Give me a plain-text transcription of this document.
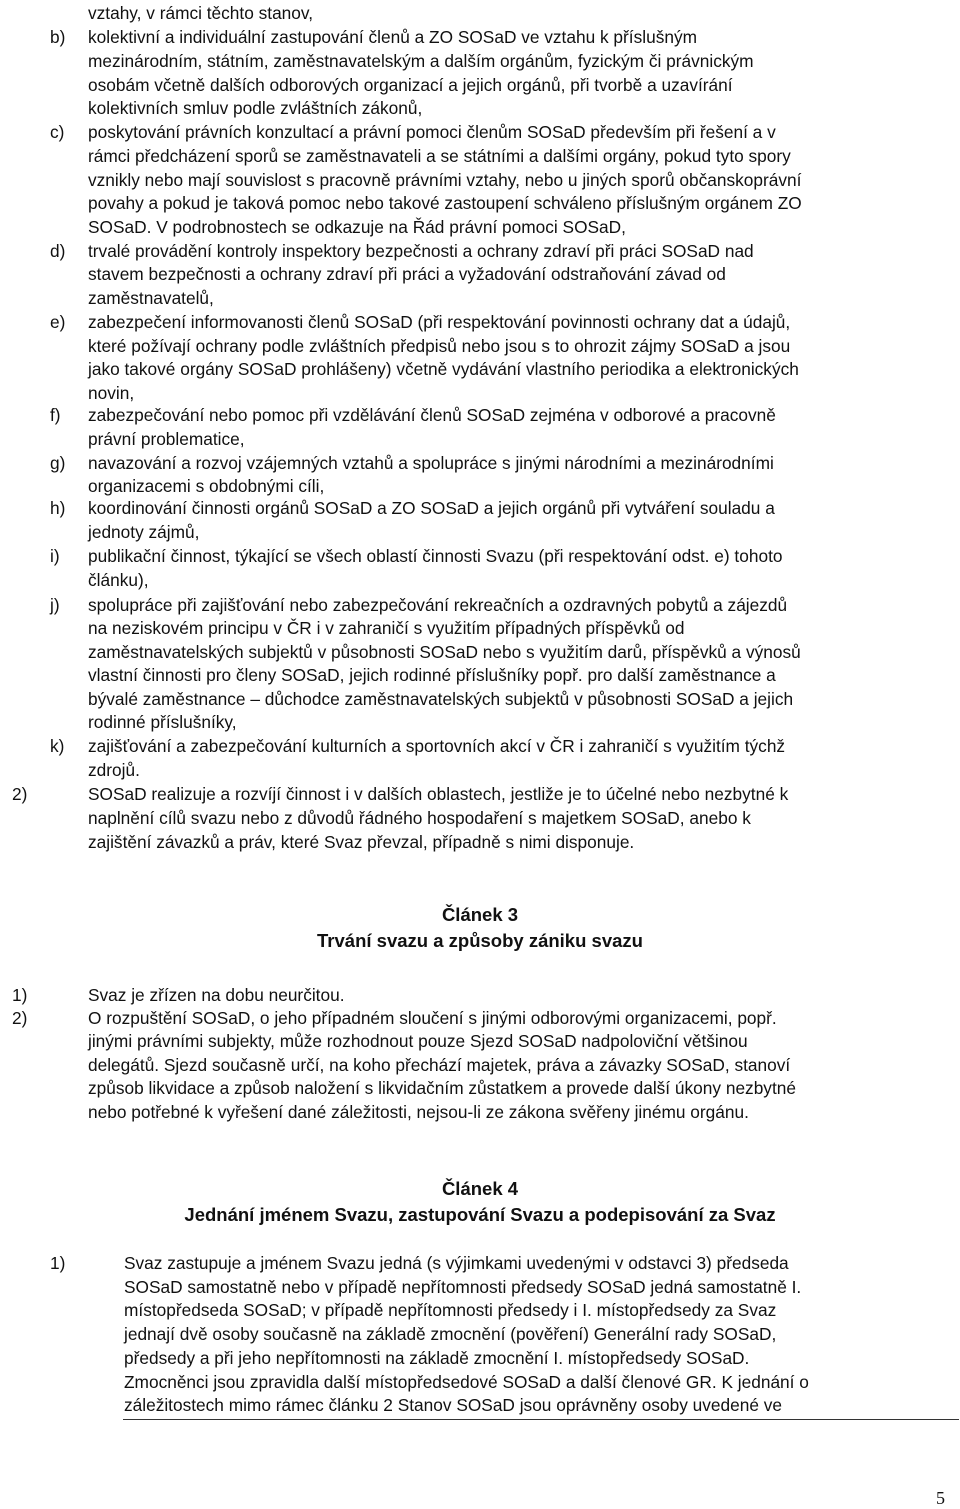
vztahy, v rámci těchto stanov,
b) kolektivní a individuální zastupování členů a ZO SOSaD ve vztahu k příslušným
mezinárodním, státním, zaměstnavatelským a dalším orgánům, fyzickým či právnickým
osobám včetně dalších odborových organizací a jejich orgánů, při tvorbě a uzavírání
kolektivních smluv podle zvláštních zákonů,
c) poskytování právních konzultací a právní pomoci členům SOSaD především při řešení a v
rámci předcházení sporů se zaměstnavateli a se státními a dalšími orgány, pokud tyto spory
vznikly nebo mají souvislost s pracovně právními vztahy, nebo u jiných sporů občanskoprávní
povahy a pokud je taková pomoc nebo takové zastoupení schváleno příslušným orgánem ZO
SOSaD. V podrobnostech se odkazuje na Řád právní pomoci SOSaD,
d) trvalé provádění kontroly inspektory bezpečnosti a ochrany zdraví při práci SOSaD nad
stavem bezpečnosti a ochrany zdraví při práci a vyžadování odstraňování závad od
zaměstnavatelů,
e) zabezpečení informovanosti členů SOSaD (při respektování povinnosti ochrany dat a údajů,
které požívají ochrany podle zvláštních předpisů nebo jsou s to ohrozit zájmy SOSaD a jsou
jako takové orgány SOSaD prohlášeny) včetně vydávání vlastního periodika a elektronických
novin,
f) zabezpečování nebo pomoc při vzdělávání členů SOSaD zejména v odborové a pracovně
právní problematice,
g) navazování a rozvoj vzájemných vztahů a spolupráce s jinými národními a mezinárodními
organizacemi s obdobnými cíli,
h) koordinování činnosti orgánů SOSaD a ZO SOSaD a jejich orgánů při vytváření souladu a
jednoty zájmů,
i) publikační činnost, týkající se všech oblastí činnosti Svazu (při respektování odst. e) tohoto
článku),
j) spolupráce při zajišťování nebo zabezpečování rekreačních a ozdravných pobytů a zájezdů
na neziskovém principu v ČR i v zahraničí s využitím případných příspěvků od
zaměstnavatelských subjektů v působnosti SOSaD nebo s využitím darů, příspěvků a výnosů
vlastní činnosti pro členy SOSaD, jejich rodinné příslušníky popř. pro další zaměstnance a
bývalé zaměstnance – důchodce zaměstnavatelských subjektů v působnosti SOSaD a jejich
rodinné příslušníky,
k) zajišťování a zabezpečování kulturních a sportovních akcí v ČR i zahraničí s využitím týchž
zdrojů.
2)	SOSaD realizuje a rozvíjí činnost i v dalších oblastech, jestliže je to účelné nebo nezbytné k
naplnění cílů svazu nebo z důvodů řádného hospodaření s majetkem SOSaD, anebo k
zajištění závazků a práv, které Svaz převzal, případně s nimi disponuje.
Článek 3
Trvání svazu a způsoby zániku svazu
1)	Svaz je zřízen na dobu neurčitou.
2)	O rozpuštění SOSaD, o jeho případném sloučení s jinými odborovými organizacemi, popř.
jinými právními subjekty, může rozhodnout pouze Sjezd SOSaD nadpoloviční většinou
delegátů. Sjezd současně určí, na koho přechází majetek, práva a závazky SOSaD, stanoví
způsob likvidace a způsob naložení s likvidačním zůstatkem a provede další úkony nezbytné
nebo potřebné k vyřešení dané záležitosti, nejsou-li ze zákona svěřeny jinému orgánu.
Článek 4
Jednání jménem Svazu, zastupování Svazu a podepisování za Svaz
1)	Svaz zastupuje a jménem Svazu jedná (s výjimkami uvedenými v odstavci 3) předseda
SOSaD samostatně nebo v případě nepřítomnosti předsedy SOSaD jedná samostatně I.
místopředseda SOSaD; v případě nepřítomnosti předsedy i I. místopředsedy za Svaz
jednají dvě osoby současně na základě zmocnění (pověření) Generální rady SOSaD,
předsedy a při jeho nepřítomnosti na základě zmocnění I. místopředsedy SOSaD.
Zmocněnci jsou zpravidla další místopředsedové SOSaD a další členové GR. K jednání o
záležitostech mimo rámec článku 2 Stanov SOSaD jsou oprávněny osoby uvedené ve
5
